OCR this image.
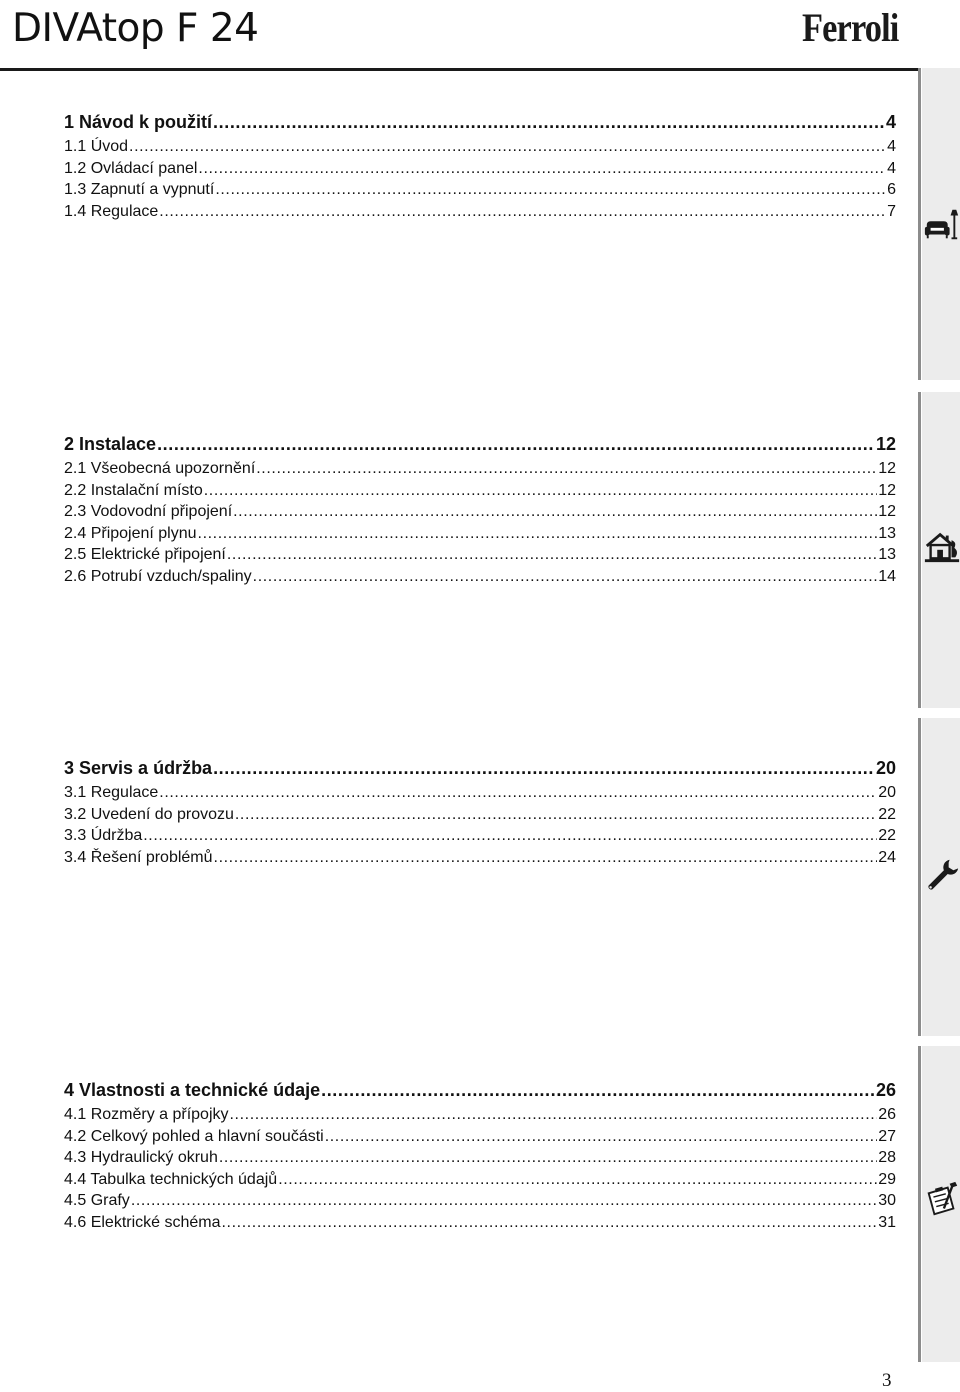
DIVAtop F 24	Ferroli
1 Návod k použití .....	4
1.1 Úvod .....	4
1.2 Ovládací panel .....	4
1.3 Zapnutí a vypnutí .....	6
1.4 Regulace .....	7
2 Instalace .....	12
2.1 Všeobecná upozornění .....	12
2.2 Instalační místo .....	12
2.3 Vodovodní připojení .....	12
2.4 Připojení plynu .....	13
2.5 Elektrické připojení .....	13
2.6 Potrubí vzduch/spaliny .....	14
3 Servis a údržba .....	20
3.1 Regulace .....	20
3.2 Uvedení do provozu .....	22
3.3 Údržba .....	22
3.4 Řešení problémů .....	24
4 Vlastnosti a technické údaje .....	26
4.1 Rozměry a přípojky .....	26
4.2 Celkový pohled a hlavní součásti .....	27
4.3 Hydraulický okruh .....	28
4.4 Tabulka technických údajů .....	29
4.5 Grafy .....	30
4.6 Elektrické schéma .....	31
3
